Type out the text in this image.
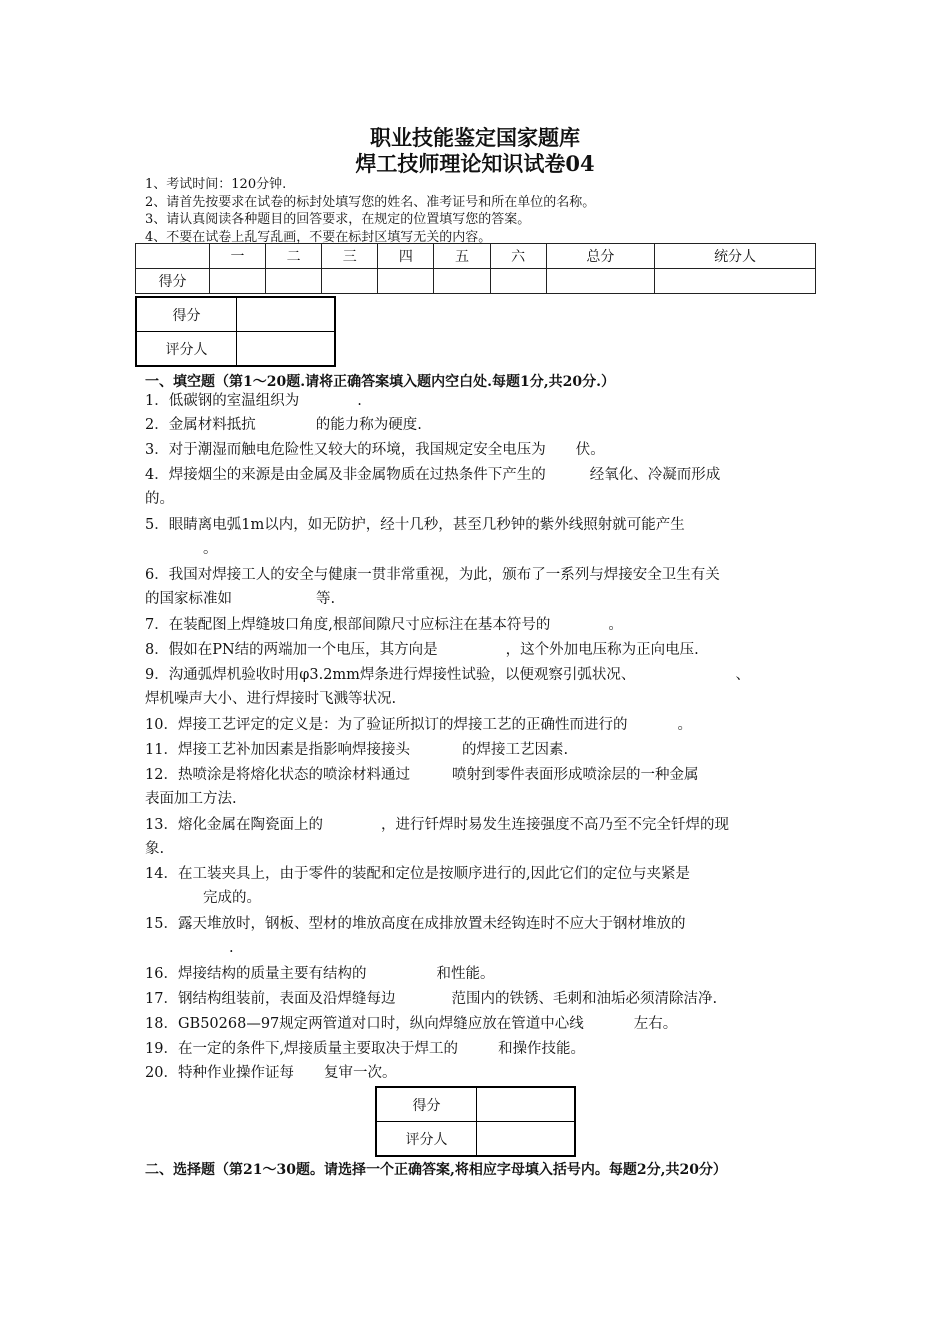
职业技能鉴定国家题库
焊工技师理论知识试卷04
1、考试时间：120分钟.
2、请首先按要求在试卷的标封处填写您的姓名、准考证号和所在单位的名称。
3、请认真阅读各种题目的回答要求，在规定的位置填写您的答案。
4、不要在试卷上乱写乱画，不要在标封区填写无关的内容。
	一	二	三	四	五	六	总分	统分人
得分								
得分	
评分人	
一、填空题（第1～20题.请将正确答案填入题内空白处.每题1分,共20分.）
1．低碳钢的室温组织为	.
2．金属材料抵抗	的能力称为硬度.
3．对于潮湿而触电危险性又较大的环境，我国规定安全电压为 伏。
4．焊接烟尘的来源是由金属及非金属物质在过热条件下产生的	经氧化、冷凝而形成
的。
5．眼睛离电弧1m以内，如无防护，经十几秒，甚至几秒钟的紫外线照射就可能产生
。
6．我国对焊接工人的安全与健康一贯非常重视，为此，颁布了一系列与焊接安全卫生有关
的国家标准如	等.
7．在装配图上焊缝坡口角度,根部间隙尺寸应标注在基本符号的	。
8．假如在PN结的两端加一个电压，其方向是	，这个外加电压称为正向电压.
9．沟通弧焊机验收时用φ3.2mm焊条进行焊接性试验，以便观察引弧状况、	、
焊机噪声大小、进行焊接时飞溅等状况.
10．焊接工艺评定的定义是：为了验证所拟订的焊接工艺的正确性而进行的	。
11．焊接工艺补加因素是指影响焊接接头	的焊接工艺因素.
12．热喷涂是将熔化状态的喷涂材料通过	喷射到零件表面形成喷涂层的一种金属
表面加工方法.
13．熔化金属在陶瓷面上的	，进行钎焊时易发生连接强度不高乃至不完全钎焊的现
象.
14．在工装夹具上，由于零件的装配和定位是按顺序进行的,因此它们的定位与夹紧是
完成的。
15．露天堆放时，钢板、型材的堆放高度在成排放置未经钩连时不应大于钢材堆放的
.
16．焊接结构的质量主要有结构的	和性能。
17．钢结构组装前，表面及沿焊缝每边	范围内的铁锈、毛刺和油垢必须清除洁净.
18．GB50268—97规定两管道对口时，纵向焊缝应放在管道中心线	左右。
19．在一定的条件下,焊接质量主要取决于焊工的	和操作技能。
20．特种作业操作证每 复审一次。
得分	
评分人	
二、选择题（第21～30题。请选择一个正确答案,将相应字母填入括号内。每题2分,共20分）
